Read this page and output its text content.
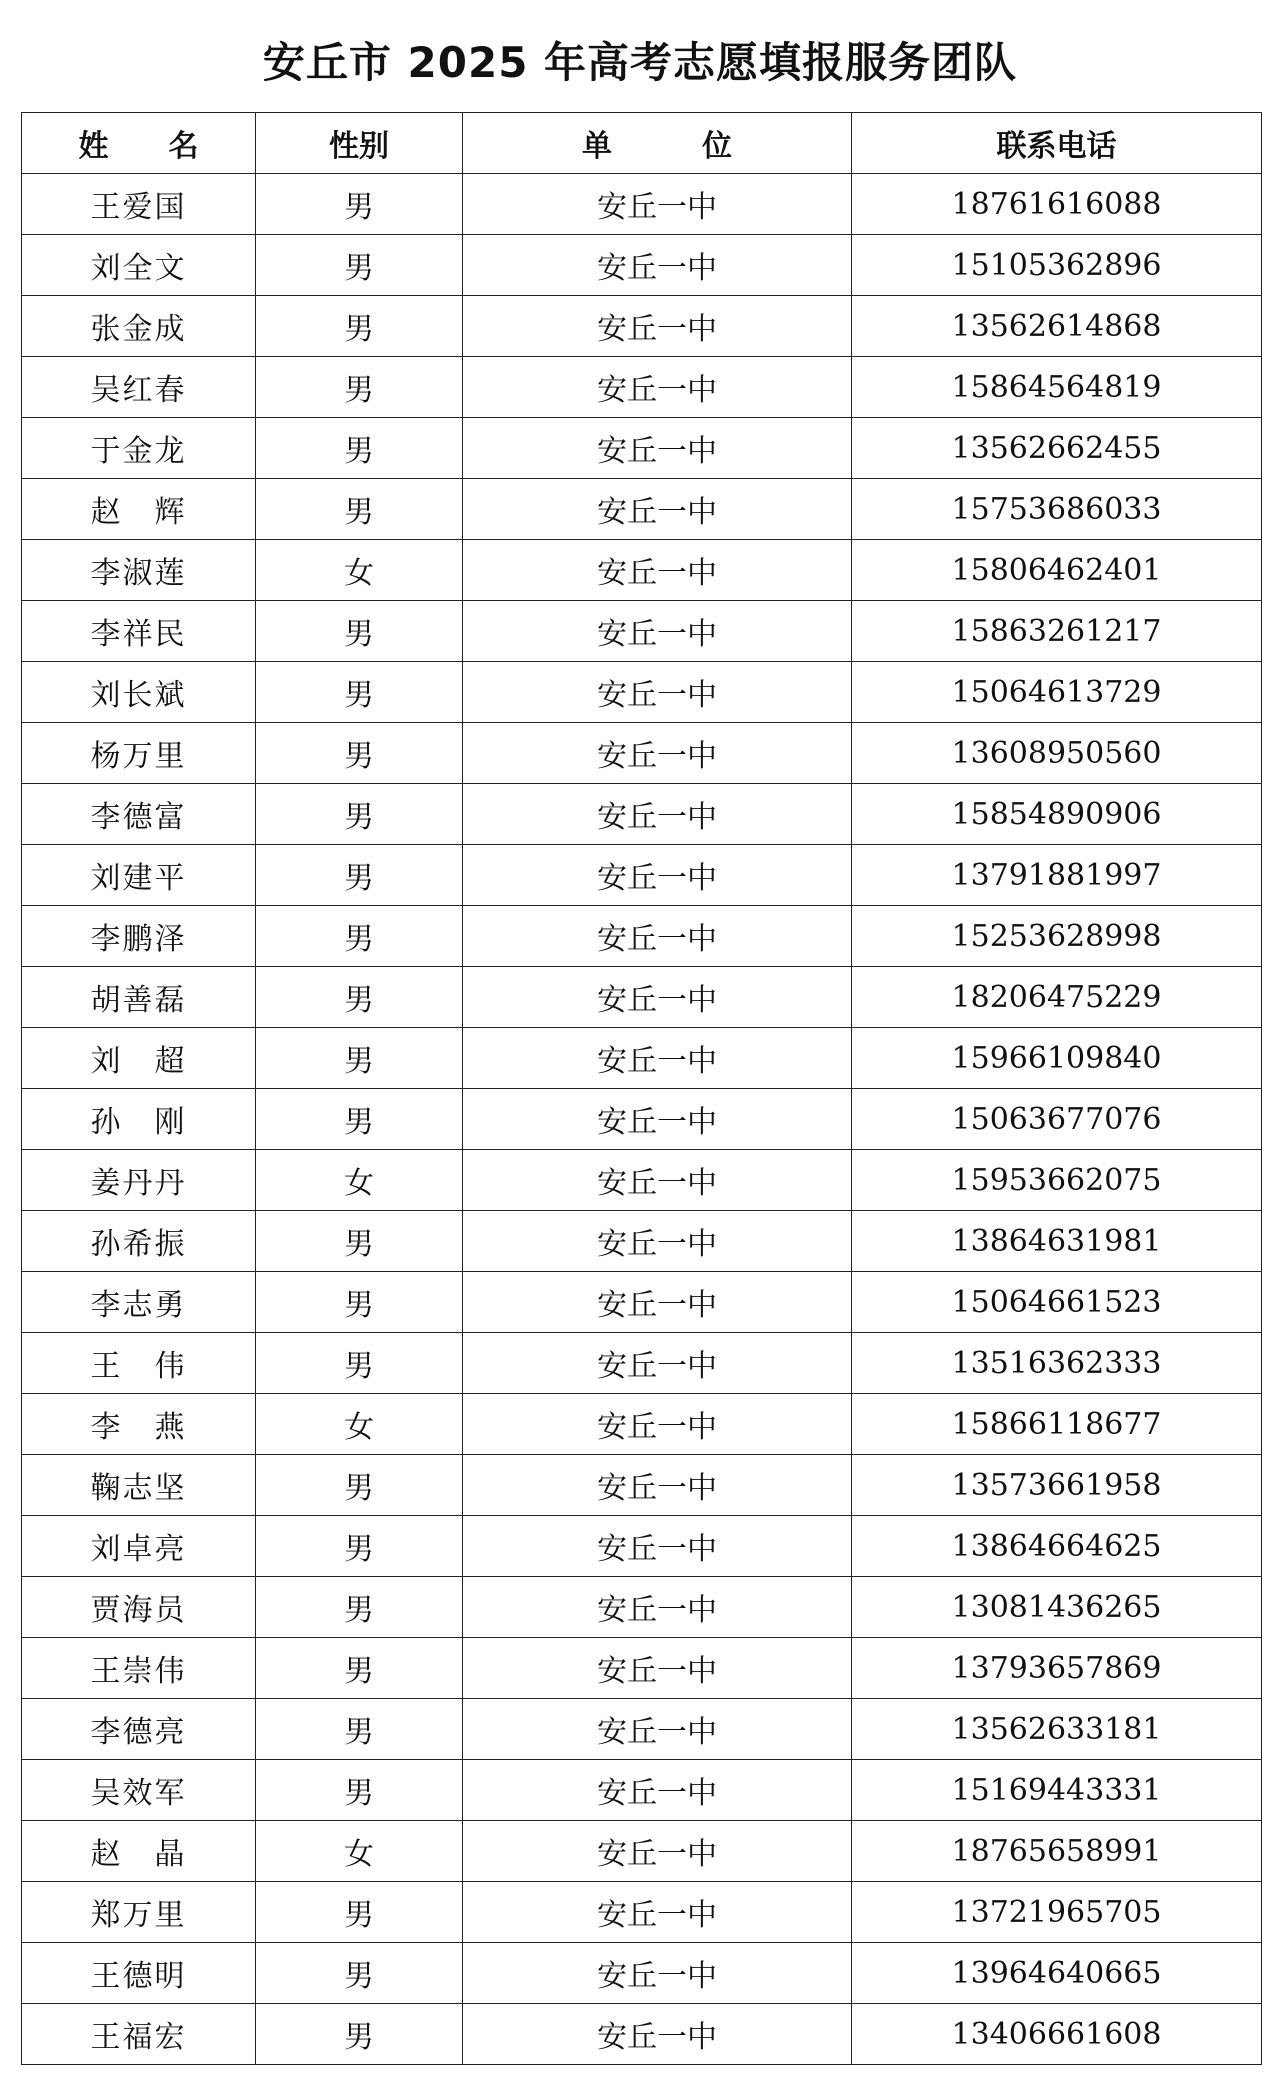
安丘市 2025 年高考志愿填报服务团队
姓　　名	性别	单　　　位	联系电话
王爱国	男	安丘一中	18761616088
刘全文	男	安丘一中	15105362896
张金成	男	安丘一中	13562614868
吴红春	男	安丘一中	15864564819
于金龙	男	安丘一中	13562662455
赵　辉	男	安丘一中	15753686033
李淑莲	女	安丘一中	15806462401
李祥民	男	安丘一中	15863261217
刘长斌	男	安丘一中	15064613729
杨万里	男	安丘一中	13608950560
李德富	男	安丘一中	15854890906
刘建平	男	安丘一中	13791881997
李鹏泽	男	安丘一中	15253628998
胡善磊	男	安丘一中	18206475229
刘　超	男	安丘一中	15966109840
孙　刚	男	安丘一中	15063677076
姜丹丹	女	安丘一中	15953662075
孙希振	男	安丘一中	13864631981
李志勇	男	安丘一中	15064661523
王　伟	男	安丘一中	13516362333
李　燕	女	安丘一中	15866118677
鞠志坚	男	安丘一中	13573661958
刘卓亮	男	安丘一中	13864664625
贾海员	男	安丘一中	13081436265
王崇伟	男	安丘一中	13793657869
李德亮	男	安丘一中	13562633181
吴效军	男	安丘一中	15169443331
赵　晶	女	安丘一中	18765658991
郑万里	男	安丘一中	13721965705
王德明	男	安丘一中	13964640665
王福宏	男	安丘一中	13406661608
